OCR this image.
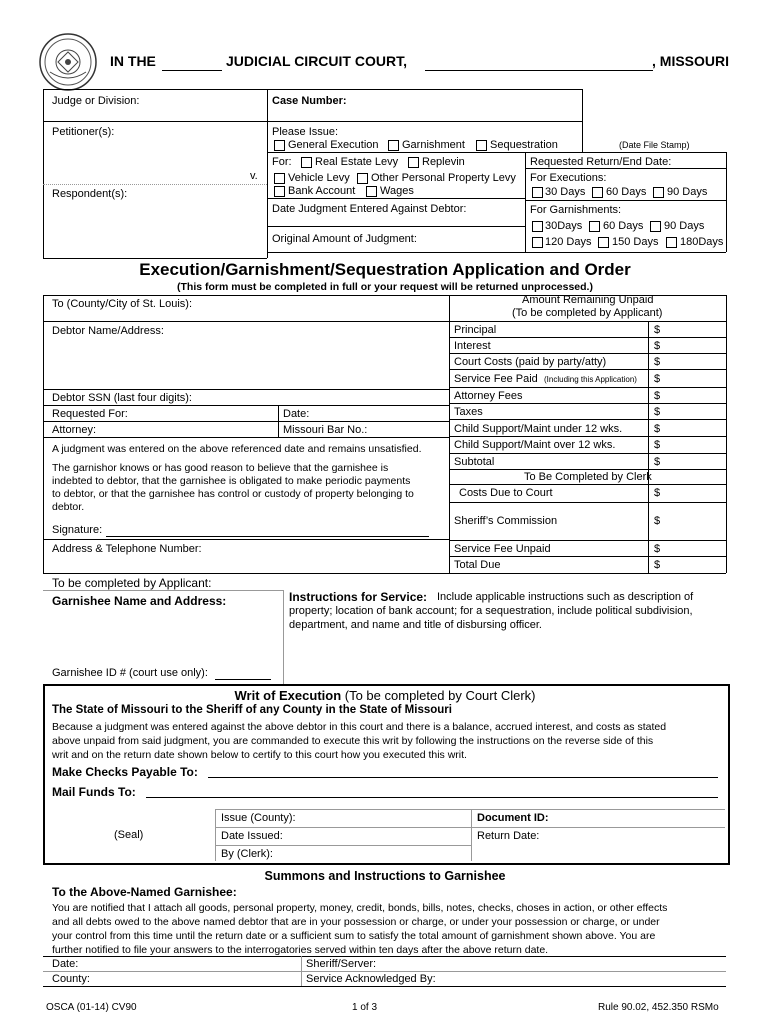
IN THE	JUDICIAL CIRCUIT COURT,	, MISSOURI
Judge or Division:	Case Number:
Petitioner(s):
v.
Respondent(s):
Please Issue:
General Execution Garnishment Sequestration	(Date File Stamp)
For: Real Estate Levy Replevin
Vehicle Levy Other Personal Property Levy
Bank Account Wages
Date Judgment Entered Against Debtor:
Original Amount of Judgment:
Requested Return/End Date:
For Executions:
30 Days 60 Days 90 Days
For Garnishments:
30Days 60 Days 90 Days
120 Days 150 Days 180Days
Execution/Garnishment/Sequestration Application and Order
(This form must be completed in full or your request will be returned unprocessed.)
To (County/City of St. Louis):
Debtor Name/Address:
Debtor SSN (last four digits):
Requested For:	Date:
Attorney:	Missouri Bar No.:
A judgment was entered on the above referenced date and remains unsatisfied.
The garnishor knows or has good reason to believe that the garnishee is
indebted to debtor, that the garnishee is obligated to make periodic payments
to debtor, or that the garnishee has control or custody of property belonging to
debtor.
Signature:
Address & Telephone Number:
Amount Remaining Unpaid
(To be completed by Applicant)
Principal	$
Interest	$
Court Costs (paid by party/atty)	$
Service Fee Paid (Including this Application) $
Attorney Fees	$
Taxes	$
Child Support/Maint under 12 wks.	$
Child Support/Maint over 12 wks.	$
Subtotal	$
To Be Completed by Clerk
Costs Due to Court	$
Sheriff’s Commission	$
Service Fee Unpaid	$
Total Due	$
To be completed by Applicant:
Garnishee Name and Address:	Instructions for Service: Include applicable instructions such as description of
property; location of bank account; for a sequestration, include political subdivision,
department, and name and title of disbursing officer.
Garnishee ID # (court use only):
Writ of Execution (To be completed by Court Clerk)
The State of Missouri to the Sheriff of any County in the State of Missouri
Because a judgment was entered against the above debtor in this court and there is a balance, accrued interest, and costs as stated
above unpaid from said judgment, you are commanded to execute this writ by following the instructions on the reverse side of this
writ and on the return date shown below to certify to this court how you executed this writ.
Make Checks Payable To:
Mail Funds To:
(Seal)
Issue (County):
Date Issued:
By (Clerk):
Document ID:
Return Date:
Summons and Instructions to Garnishee
To the Above-Named Garnishee:
You are notified that I attach all goods, personal property, money, credit, bonds, bills, notes, checks, choses in action, or other effects
and all debts owed to the above named debtor that are in your possession or charge, or under your possession or charge, or under
your control from this time until the return date or a sufficient sum to satisfy the total amount of garnishment shown above. You are
further notified to file your answers to the interrogatories served within ten days after the above return date.
Date:	Sheriff/Server:
County:	Service Acknowledged By:
OSCA (01-14) CV90	1 of 3	Rule 90.02, 452.350 RSMo
